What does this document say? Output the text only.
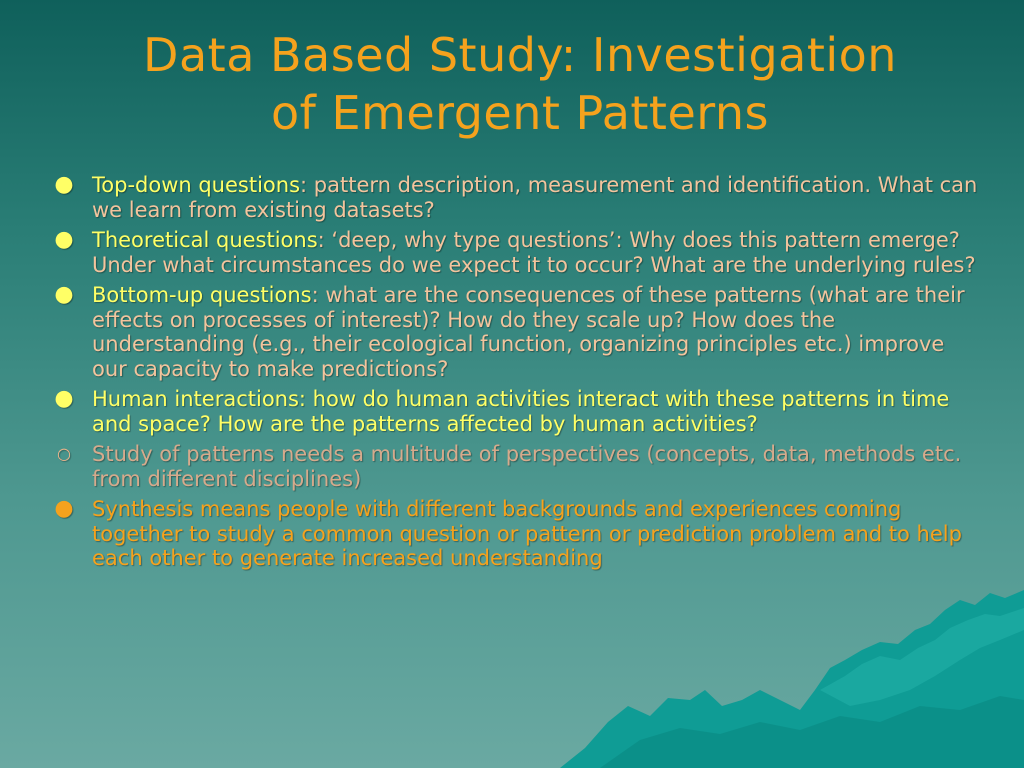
Data Based Study: Investigation
of Emergent Patterns
● Top-down questions: pattern description, measurement and identification. What can we learn from existing datasets?
● Theoretical questions: ‘deep, why type questions’: Why does this pattern emerge? Under what circumstances do we expect it to occur? What are the underlying rules?
● Bottom-up questions: what are the consequences of these patterns (what are their effects on processes of interest)? How do they scale up? How does the understanding (e.g., their ecological function, organizing principles etc.) improve our capacity to make predictions?
● Human interactions: how do human activities interact with these patterns in time and space? How are the patterns affected by human activities?
○ Study of patterns needs a multitude of perspectives (concepts, data, methods etc. from different disciplines)
● Synthesis means people with different backgrounds and experiences coming together to study a common question or pattern or prediction problem and to help each other to generate increased understanding
